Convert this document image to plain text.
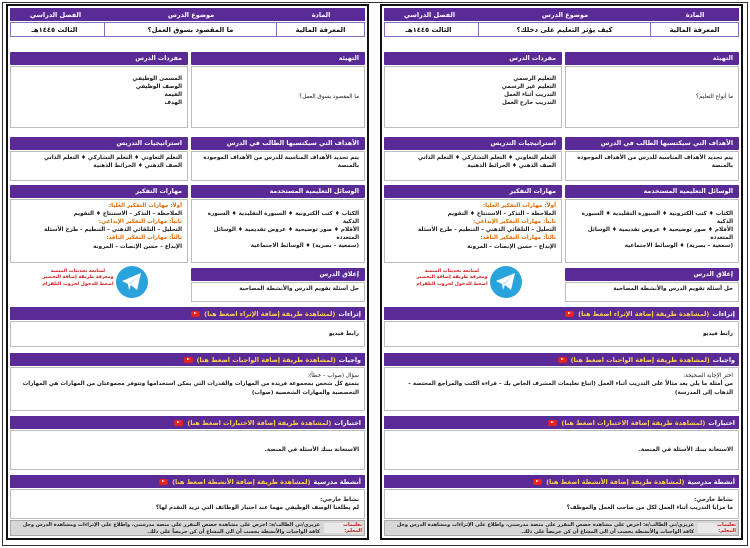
المادة
موضوع الدرس
الفصل الدراسي
المعرفة المالية
كيف يؤثر التعليم على دخلك؟
الثالث ١٤٤٥هـ
التهيئة
ما أنواع التعليم؟
مفردات الدرس
التعليم الرسمي
التعليم غير الرسمي
التدريب أثناء العمل
التدريب خارج العمل
الأهداف التي سيكتسبها الطالب في الدرس
يتم تحديد الأهداف المناسبة للدرس من الأهداف الموجودة بالمنصة
استراتيجيات التدريس
التعلم التعاوني ♦ التعلم التشاركي ♦ التعلم الذاتي
الصف الذهني ♦ الخرائط الذهنية
الوسائل التعليمية المستخدمة
الكتاب ♦ كتب الكترونية ♦ السبورة التقليدية ♦ السبورة الذكية
الأقلام ♦ صور توضيحية ♦ عروض تقديمية ♦ الوسائل المتعددة
(سمعية – بصرية) ♦ الوسائط الاجتماعية
مهارات التفكير
أولاً: مهارات التفكير العليا:
الملاحظة – التذكر – الاستنتاج ♦ التقويم
ثانياً: مهارات التفكير الإبداعي:
التحليل – التلقائي الذهني – التنظيم - طرح الأسئلة
ثالثاً: مهارات التفكير الناقد:
الإبداع – حسن الإنصات – المرونة
إغلاق الدرس
حل أسئلة تقويم الدرس والأنشطة المصاحبة
لمتابعة تحديثات المنصة ومعرفة طريقة إضافة التحضير اضغط للدخول لجروب التلقرام
إثراءات
(لمشاهدة طريقة إضافة الإثراء اضغط هنا)
رابط فيديو
واجبات
(لمشاهدة طريقة إضافة الواجبات اضغط هنا)
اختر الإجابة الصحيحة:
من أمثلة ما يلي يعد مثالاً على التدريب أثناء العمل (اتباع تعليمات المشرف الخاص بك – قراءة الكتب والمراجع المختصة – الذهاب إلى المدرسة)
اختبارات
(لمشاهدة طريقة إضافة الاختبارات اضغط هنا)
الاستعانة ببنك الأسئلة في المنصة.
أنشطة مدرسية
(لمشاهدة طريقة إضافة الأنشطة اضغط هنا)
نشاط خارجي:
ما مزايا التدريب أثناء العمل لكل من صاحب العمل والموظف؟
تعليمات المعلم:
عزيزي/تي الطالب/ة: احرص على مشاهدة حصص المقرر على منصة مدرستي، واطلاع على الإثراءات ومشاهدة الدرس وحل كافة الواجبات والأنشطة بحسب أن الى المشاع أن كن حريصاً على ذلك.
المادة
موضوع الدرس
الفصل الدراسي
المعرفة المالية
ما المقصود بسوق العمل؟
الثالث ١٤٤٥هـ
التهيئة
ما المقصود بسوق العمل؟
مفردات الدرس
المسمى الوظيفي
الوصف الوظيفي
القيمة
الهدف
الأهداف التي سيكتسبها الطالب في الدرس
يتم تحديد الأهداف المناسبة للدرس من الأهداف الموجودة بالمنصة
استراتيجيات التدريس
التعلم التعاوني ♦ التعلم التشاركي ♦ التعلم الذاتي
الصف الذهني ♦ الخرائط الذهنية
الوسائل التعليمية المستخدمة
الكتاب ♦ كتب الكترونية ♦ السبورة التقليدية ♦ السبورة الذكية
الأقلام ♦ صور توضيحية ♦ عروض تقديمية ♦ الوسائل المتعددة
(سمعية – بصرية) ♦ الوسائط الاجتماعية
مهارات التفكير
أولاً: مهارات التفكير العليا:
الملاحظة – التذكر – الاستنتاج ♦ التقويم
ثانياً: مهارات التفكير الإبداعي:
التحليل – التلقائي الذهني – التنظيم - طرح الأسئلة
ثالثاً: مهارات التفكير الناقد:
الإبداع – حسن الإنصات – المرونة
إغلاق الدرس
حل أسئلة تقويم الدرس والأنشطة المصاحبة
لمتابعة تحديثات المنصة ومعرفة طريقة إضافة التحضير اضغط للدخول لجروب التلقرام
إثراءات
(لمشاهدة طريقة إضافة الإثراء اضغط هنا)
رابط فيديو
واجبات
(لمشاهدة طريقة إضافة الواجبات اضغط هنا)
سؤال (صواب – خطأ):
يتمتع كل شخص بمجموعة فريدة من المهارات والقدرات التي يمكن استخدامها وتتوفر مجموعتان من المهارات هي المهارات التخصصية والمهارات الشخصية (صواب)
اختبارات
(لمشاهدة طريقة إضافة الاختبارات اضغط هنا)
الاستعانة ببنك الأسئلة في المنصة.
أنشطة مدرسية
(لمشاهدة طريقة إضافة الأنشطة اضغط هنا)
نشاط خارجي:
لم يطلعنا الوصف الوظيفي مهما عند اختيار الوظائف التي تريد التقدم لها؟
تعليمات المعلم:
عزيزي/تي الطالب/ة: احرص على مشاهدة حصص المقرر على منصة مدرستي، واطلاع على الإثراءات ومشاهدة الدرس وحل كافة الواجبات والأنشطة بحسب أن الى المشاع أن كن حريصاً على ذلك.
